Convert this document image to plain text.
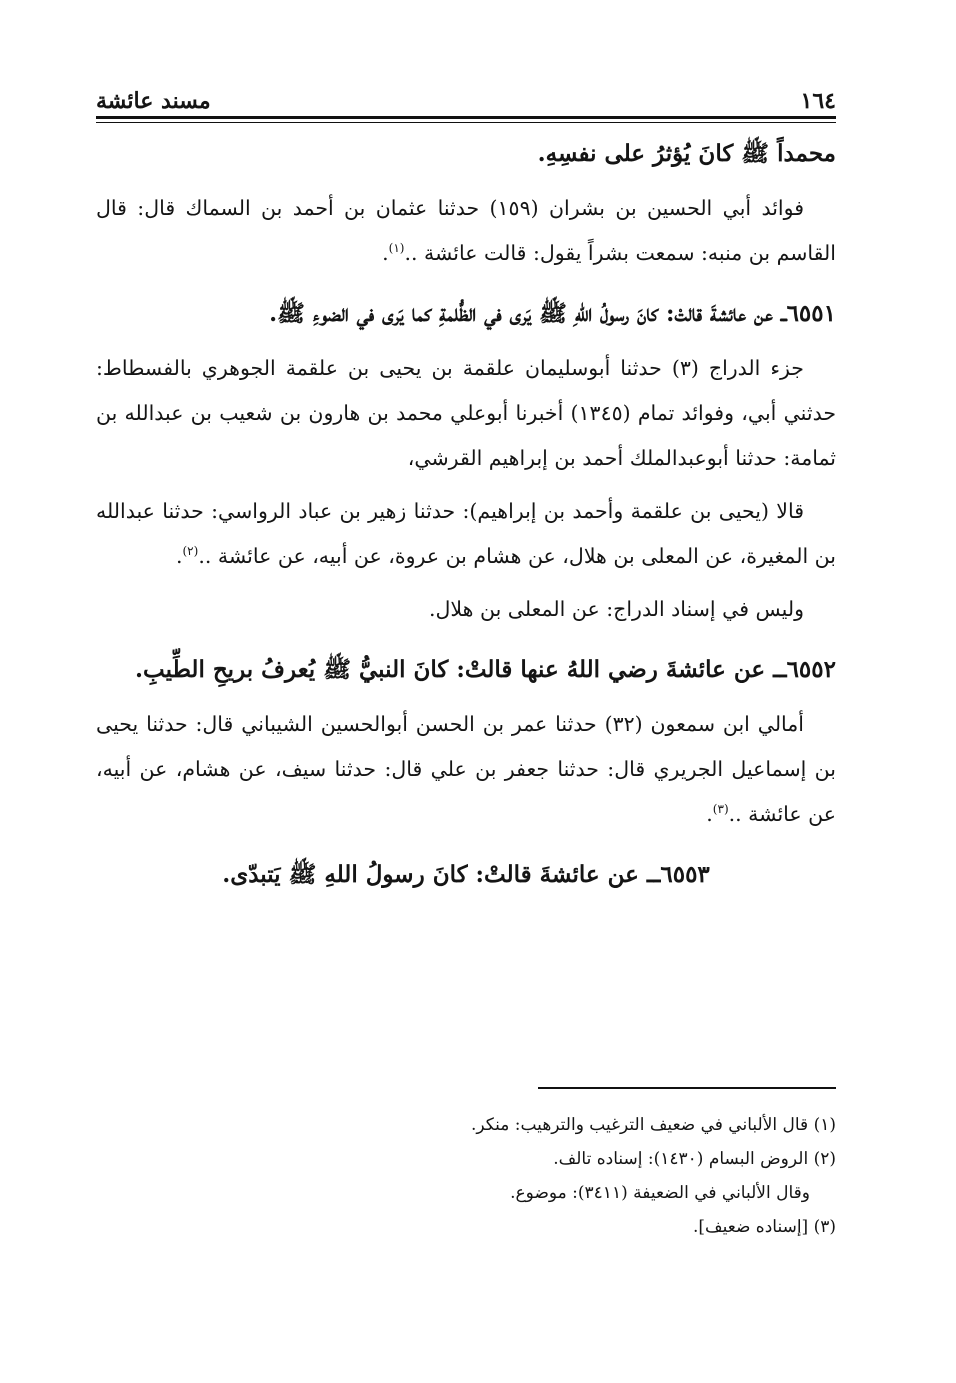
١٦٤
مسند عائشة

محمداً ﷺ كانَ يُؤثرُ على نفسِهِ.

فوائد أبي الحسين بن بشران (١٥٩) حدثنا عثمان بن أحمد بن السماك قال: قال القاسم بن منبه: سمعت بشراً يقول: قالت عائشة ..$^{(١)}$.

٦٥٥١ــ عن عائشةَ قالتْ: كانَ رسولُ اللهِ ﷺ يَرى في الظُّلمةِ كما يَرى في الضوءِ ﷺ.

جزء الدراج (٣) حدثنا أبوسليمان علقمة بن يحيى بن علقمة الجوهري بالفسطاط: حدثني أبي، وفوائد تمام (١٣٤٥) أخبرنا أبوعلي محمد بن هارون بن شعيب بن عبدالله بن ثمامة: حدثنا أبوعبدالملك أحمد بن إبراهيم القرشي،

قالا (يحيى بن علقمة وأحمد بن إبراهيم): حدثنا زهير بن عباد الرواسي: حدثنا عبدالله بن المغيرة، عن المعلى بن هلال، عن هشام بن عروة، عن أبيه، عن عائشة ..$^{(٢)}$.

وليس في إسناد الدراج: عن المعلى بن هلال.

٦٥٥٢ــ عن عائشةَ رضي اللهُ عنها قالتْ: كانَ النبيُّ ﷺ يُعرفُ بريحِ الطِّيبِ.

أمالي ابن سمعون (٣٢) حدثنا عمر بن الحسن أبوالحسين الشيباني قال: حدثنا يحيى بن إسماعيل الجريري قال: حدثنا جعفر بن علي قال: حدثنا سيف، عن هشام، عن أبيه، عن عائشة ..$^{(٣)}$.

٦٥٥٣ــ عن عائشةَ قالتْ: كانَ رسولُ اللهِ ﷺ يَتبدّى.

(١) قال الألباني في ضعيف الترغيب والترهيب: منكر.

(٢) الروض البسام (١٤٣٠): إسناده تالف.

وقال الألباني في الضعيفة (٣٤١١): موضوع.

(٣) [إسناده ضعيف].
